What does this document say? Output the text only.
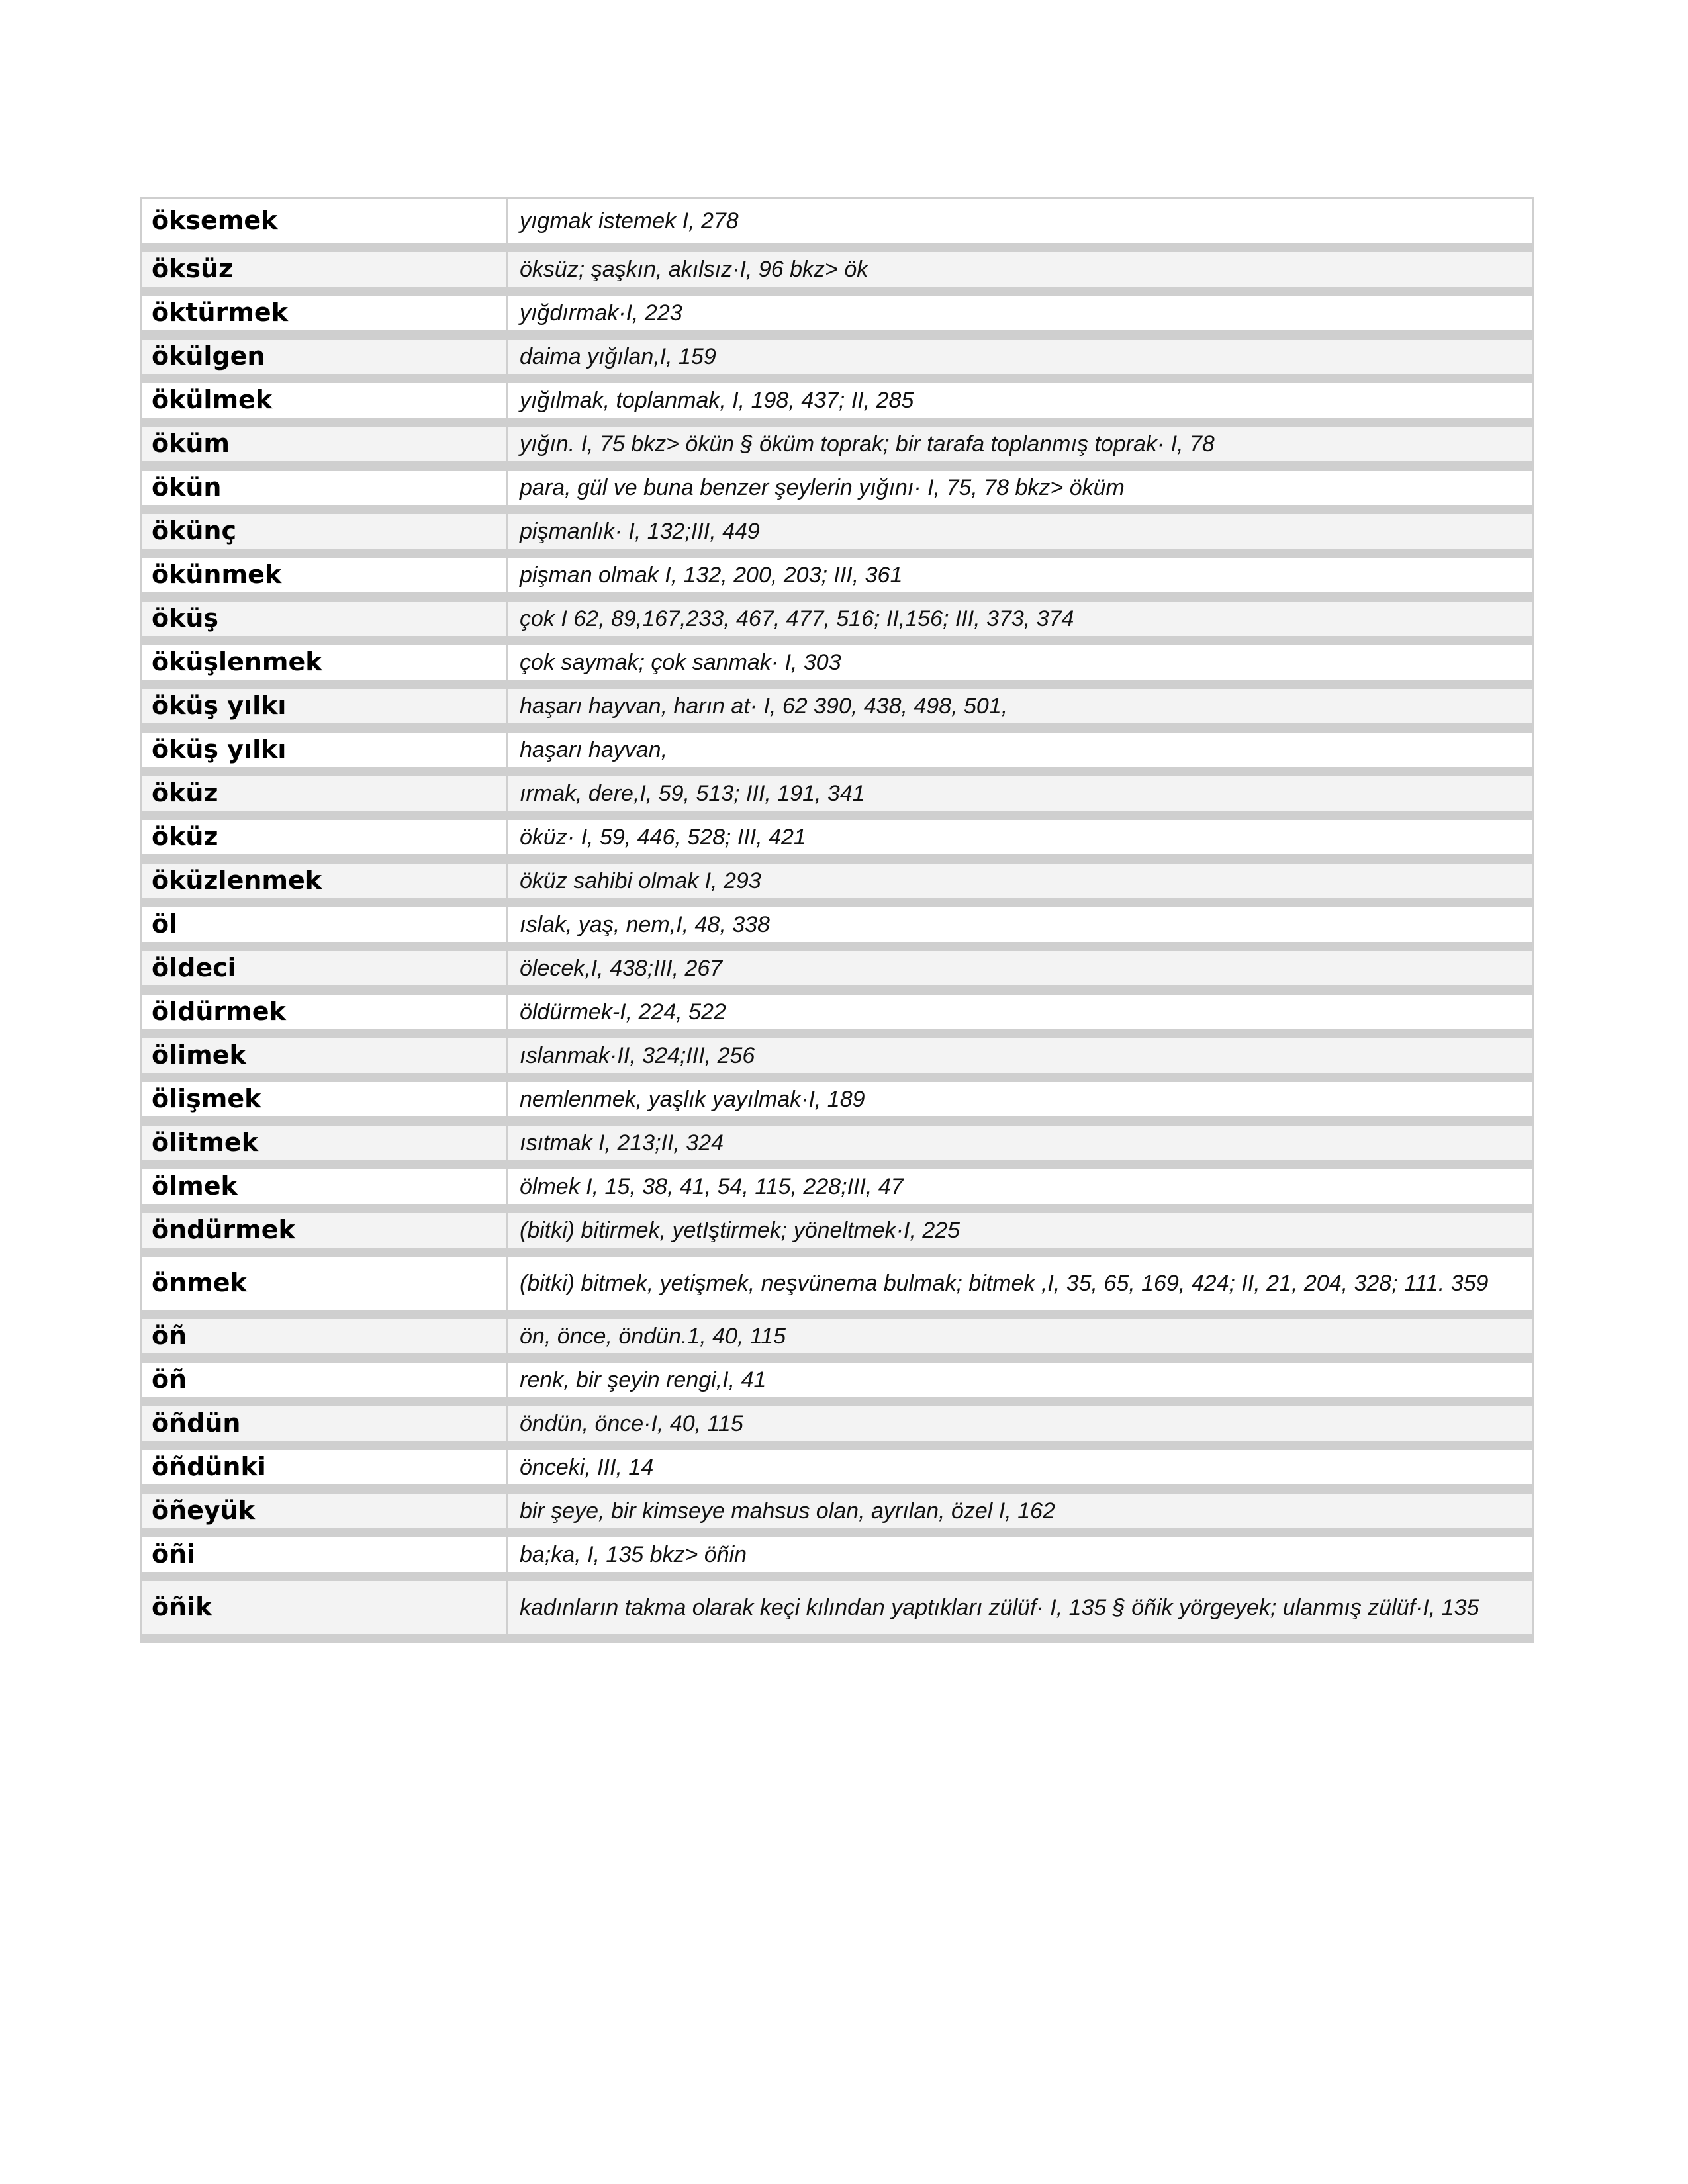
öksemek	yıgmak istemek I, 278
öksüz	öksüz; şaşkın, akılsız·I, 96 bkz> ök
öktürmek	yığdırmak·I, 223
ökülgen	daima yığılan,I, 159
ökülmek	yığılmak, toplanmak, I, 198, 437; II, 285
öküm	yığın. I, 75 bkz> ökün § öküm toprak; bir tarafa toplanmış toprak· I, 78
ökün	para, gül ve buna benzer şeylerin yığını· I, 75, 78 bkz> öküm
ökünç	pişmanlık· I, 132;III, 449
ökünmek	pişman olmak I, 132, 200, 203; III, 361
öküş	çok I 62, 89,167,233, 467, 477, 516; II,156; III, 373, 374
öküşlenmek	çok saymak; çok sanmak· I, 303
öküş yılkı	haşarı hayvan, harın at· I, 62 390, 438, 498, 501,
öküş yılkı	haşarı hayvan,
öküz	ırmak, dere,I, 59, 513; III, 191, 341
öküz	öküz· I, 59, 446, 528; III, 421
öküzlenmek	öküz sahibi olmak I, 293
öl	ıslak, yaş, nem,I, 48, 338
öldeci	ölecek,I, 438;III, 267
öldürmek	öldürmek-I, 224, 522
ölimek	ıslanmak·II, 324;III, 256
ölişmek	nemlenmek, yaşlık yayılmak·I, 189
ölitmek	ısıtmak I, 213;II, 324
ölmek	ölmek I, 15, 38, 41, 54, 115, 228;III, 47
öndürmek	(bitki) bitirmek, yetIştirmek; yöneltmek·I, 225
önmek	(bitki) bitmek, yetişmek, neşvünema bulmak; bitmek ,I, 35, 65, 169, 424; II, 21, 204, 328; 111. 359
öñ	ön, önce, öndün.1, 40, 115
öñ	renk, bir şeyin rengi,I, 41
öñdün	öndün, önce·I, 40, 115
öñdünki	önceki, III, 14
öñeyük	bir şeye, bir kimseye mahsus olan, ayrılan, özel I, 162
öñi	ba;ka, I, 135 bkz> öñin
öñik	kadınların takma olarak keçi kılından yaptıkları zülüf· I, 135 § öñik yörgeyek; ulanmış zülüf·I, 135
